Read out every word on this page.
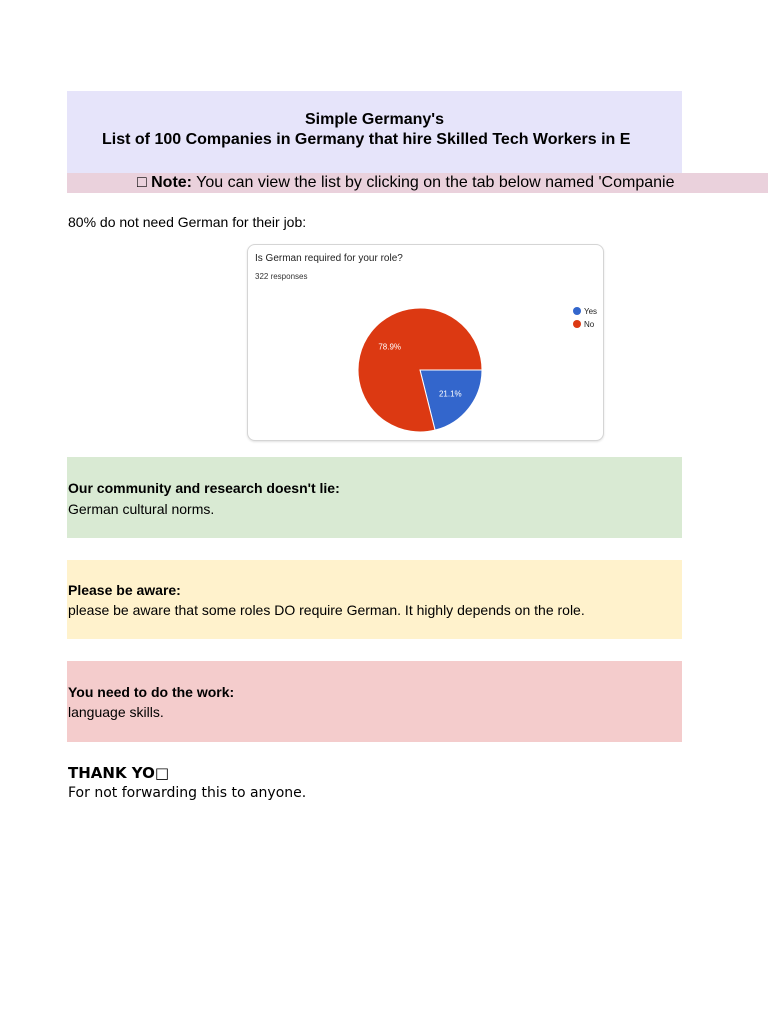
Simple Germany's
List of 100 Companies in Germany that hire Skilled Tech Workers in E
□ Note: You can view the list by clicking on the tab below named 'Companie
80% do not need German for their job:
Is German required for your role?
322 responses
21.1%
78.9%
Yes
No
Our community and research doesn't lie:
German cultural norms.
Please be aware:
please be aware that some roles DO require German. It highly depends on the role.
You need to do the work:
language skills.
THANK YO□
For not forwarding this to anyone.
